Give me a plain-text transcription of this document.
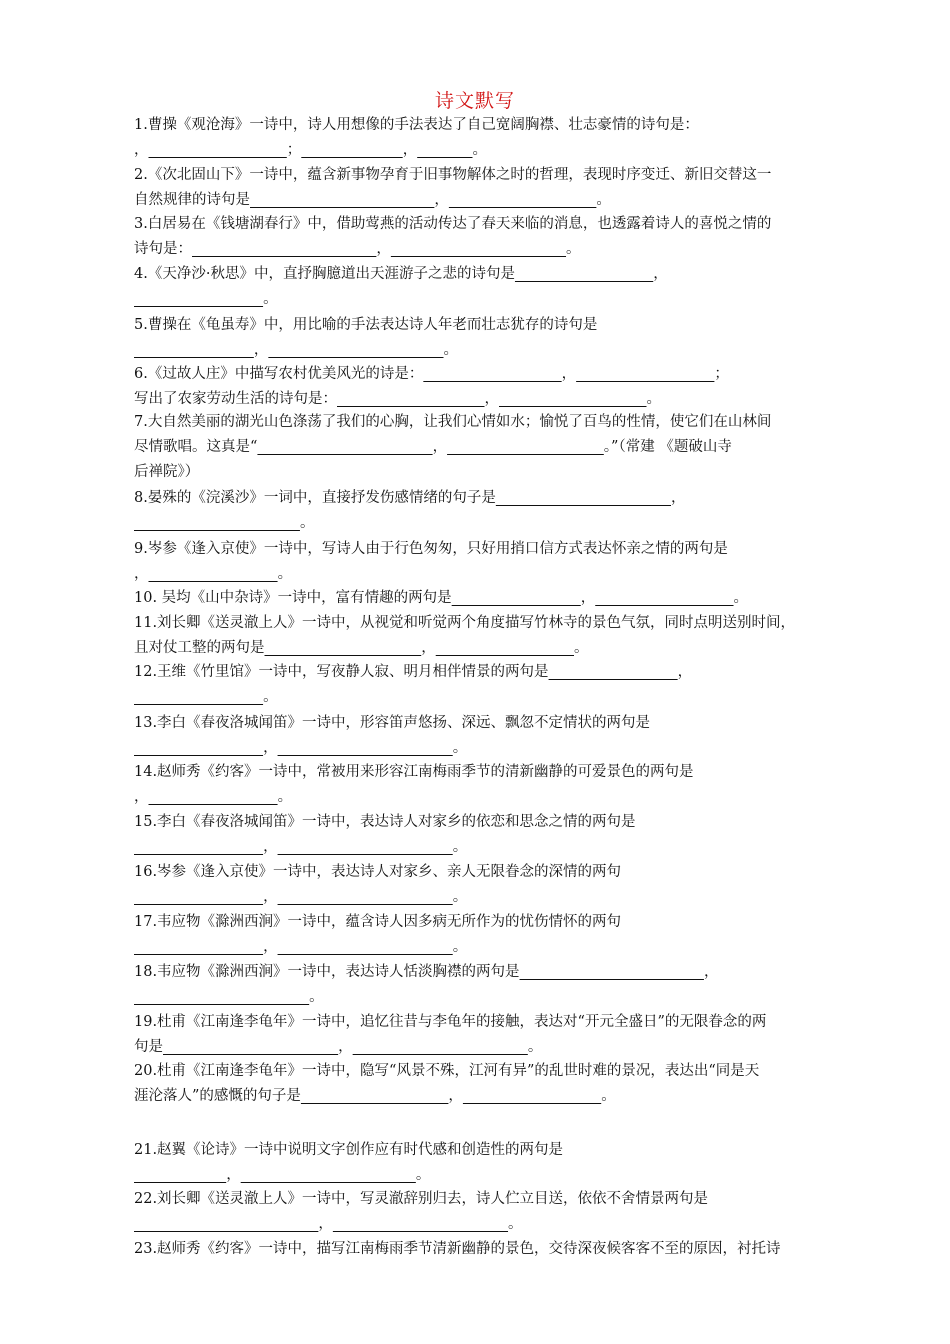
诗文默写
1.曹操《观沧海》一诗中，诗人用想像的手法表达了自己宽阔胸襟、壮志豪情的诗句是：
，	；	，	。
2.《次北固山下》一诗中，蕴含新事物孕育于旧事物解体之时的哲理，表现时序变迁、新旧交替这一
自然规律的诗句是	，	。
3.白居易在《钱塘湖春行》中，借助莺燕的活动传达了春天来临的消息，也透露着诗人的喜悦之情的
诗句是：	，	。
4.《天净沙·秋思》中，直抒胸臆道出天涯游子之悲的诗句是	，
。
5.曹操在《龟虽寿》中，用比喻的手法表达诗人年老而壮志犹存的诗句是
，	。
6.《过故人庄》中描写农村优美风光的诗是：	，	；
写出了农家劳动生活的诗句是：	，	。
7.大自然美丽的湖光山色涤荡了我们的心胸，让我们心情如水；愉悦了百鸟的性情，使它们在山林间
尽情歌唱。这真是“	，	。”（常建 《题破山寺
后禅院》）
8.晏殊的《浣溪沙》一词中，直接抒发伤感情绪的句子是	，
。
9.岑参《逢入京使》一诗中，写诗人由于行色匆匆，只好用捎口信方式表达怀亲之情的两句是
，	。
10. 吴均《山中杂诗》一诗中，富有情趣的两句是	，	。
11.刘长卿《送灵澈上人》一诗中，从视觉和听觉两个角度描写竹林寺的景色气氛，同时点明送别时间，
且对仗工整的两句是	，	。
12.王维《竹里馆》一诗中，写夜静人寂、明月相伴情景的两句是	，
。
13.李白《春夜洛城闻笛》一诗中，形容笛声悠扬、深远、飘忽不定情状的两句是
，	。
14.赵师秀《约客》一诗中，常被用来形容江南梅雨季节的清新幽静的可爱景色的两句是
，	。
15.李白《春夜洛城闻笛》一诗中，表达诗人对家乡的依恋和思念之情的两句是
，	。
16.岑参《逢入京使》一诗中，表达诗人对家乡、亲人无限眷念的深情的两句
，	。
17.韦应物《滁洲西涧》一诗中，蕴含诗人因多病无所作为的忧伤情怀的两句
，	。
18.韦应物《滁洲西涧》一诗中，表达诗人恬淡胸襟的两句是	，
。
19.杜甫《江南逢李龟年》一诗中，追忆往昔与李龟年的接触，表达对“开元全盛日”的无限眷念的两
句是	，	。
20.杜甫《江南逢李龟年》一诗中，隐写“风景不殊，江河有异”的乱世时难的景况，表达出“同是天
涯沦落人”的感慨的句子是	，	。
21.赵翼《论诗》一诗中说明文字创作应有时代感和创造性的两句是
，	。
22.刘长卿《送灵澈上人》一诗中，写灵澈辞别归去，诗人伫立目送，依依不舍情景两句是
，	。
23.赵师秀《约客》一诗中，描写江南梅雨季节清新幽静的景色，交待深夜候客客不至的原因，衬托诗
